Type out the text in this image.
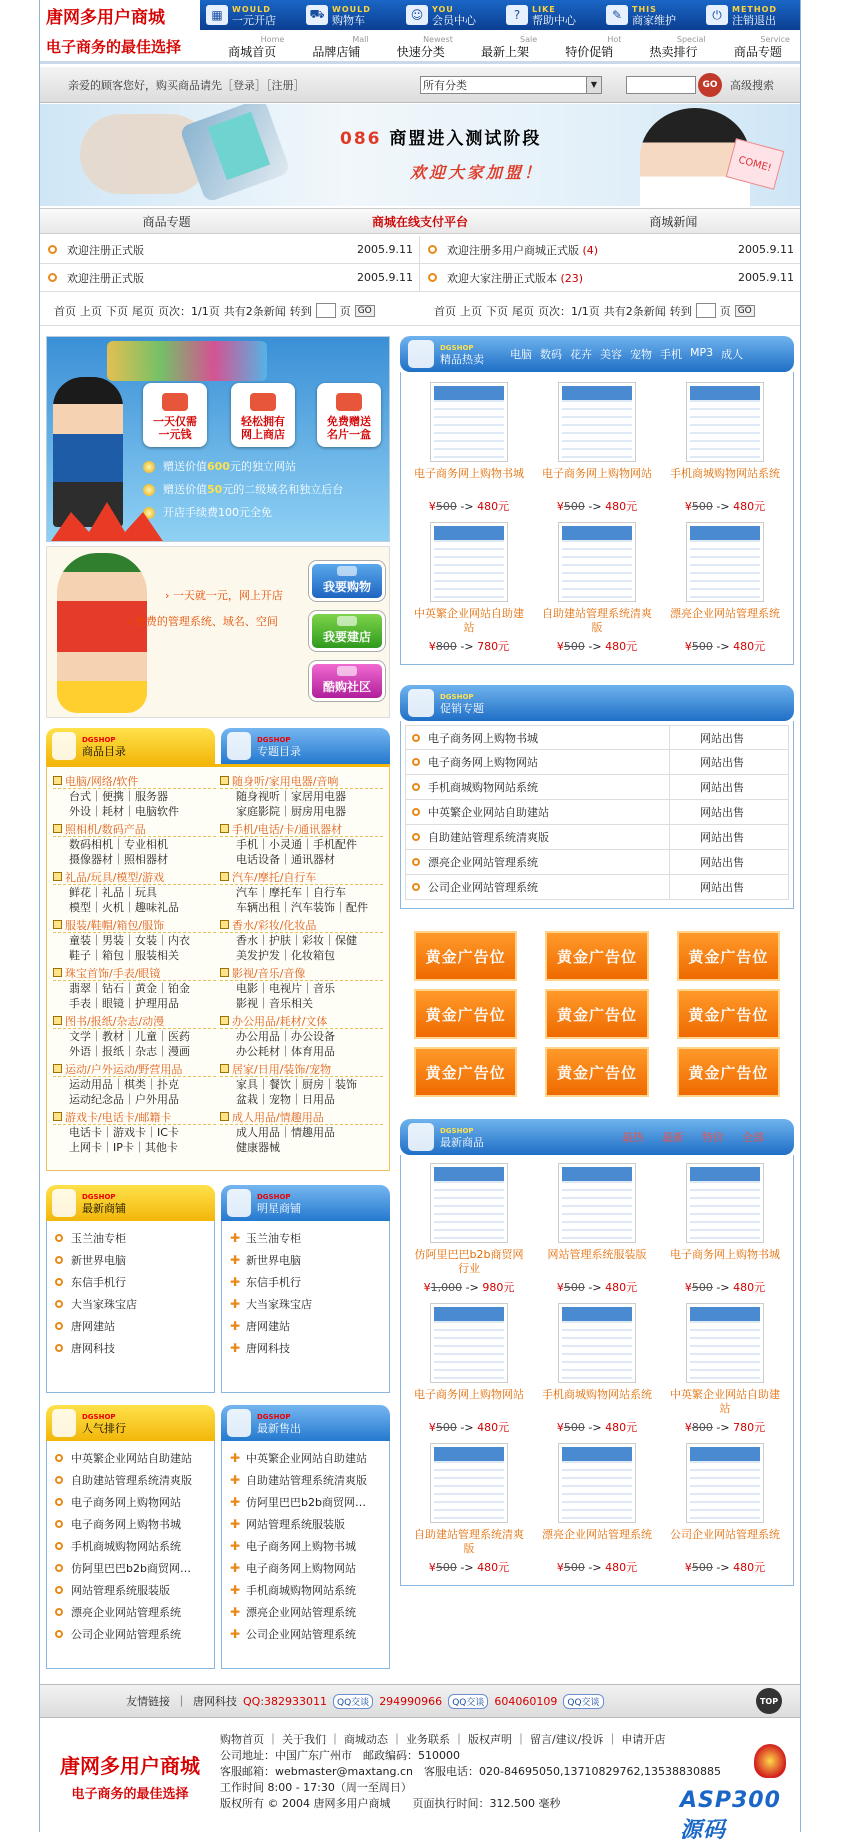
唐网多用户商城	▦	WOULD
一元开店	⛟ WOULD
购物车	☺	YOU
会员中心	?	LIKE
帮助中心	✎	THIS
商家维护	⏻	METHOD
注销退出
电子商务的最佳选择	Home
商城首页
Mall
品牌店铺
Newest
快速分类
Sale
最新上架
Hot
特价促销
Special
热卖排行
Service
商品专题
亲爱的顾客您好，购买商品请先［登录］［注册］	所有分类	▼	GO	高级搜索
086 商盟进入测试阶段
欢迎大家加盟！	COME!
商品专题	商城在线支付平台	商城新闻
欢迎注册正式版	2005.9.11	欢迎注册多用户商城正式版 (4)	2005.9.11
欢迎注册正式版	2005.9.11	欢迎大家注册正式版本 (23)	2005.9.11
首页 上页 下页 尾页 页次：1/1页 共有2条新闻 转到	页 GO	首页 上页 下页 尾页 页次：1/1页 共有2条新闻 转到	页 GO
一天仅需
一元钱
轻松拥有
网上商店
免费赠送
名片一盒
赠送价值600元的独立网站
赠送价值50元的二级域名和独立后台
开店手续费100元全免
› 一天就一元，网上开店
› 免费的管理系统、域名、空间
我要购物
我要建店
酷购社区
DGSHOP
商品目录
DGSHOP
专题目录
电脑/网络/软件
台式｜便携｜服务器
外设｜耗材｜电脑软件
照相机/数码产品
数码相机｜专业相机
摄像器材｜照相器材
礼品/玩具/模型/游戏
鲜花｜礼品｜玩具
模型｜火机｜趣味礼品
服装/鞋帽/箱包/服饰
童装｜男装｜女装｜内衣
鞋子｜箱包｜服装相关
珠宝首饰/手表/眼镜
翡翠｜钻石｜黄金｜铂金
手表｜眼镜｜护理用品
图书/报纸/杂志/动漫
文学｜教材｜儿童｜医药
外语｜报纸｜杂志｜漫画
运动/户外运动/野营用品
运动用品｜棋类｜扑克
运动纪念品｜户外用品
游戏卡/电话卡/邮籍卡
电话卡｜游戏卡｜IC卡
上网卡｜IP卡｜其他卡
随身听/家用电器/音响
随身视听｜家居用电器
家庭影院｜厨房用电器
手机/电话/卡/通讯器材
手机｜小灵通｜手机配件
电话设备｜通讯器材
汽车/摩托/自行车
汽车｜摩托车｜自行车
车辆出租｜汽车装饰｜配件
香水/彩妆/化妆品
香水｜护肤｜彩妆｜保健
美发护发｜化妆箱包
影视/音乐/音像
电影｜电视片｜音乐
影视｜音乐相关
办公用品/耗材/文体
办公用品｜办公设备
办公耗材｜体育用品
居家/日用/装饰/宠物
家具｜餐饮｜厨房｜装饰
盆栽｜宠物｜日用品
成人用品/情趣用品
成人用品｜情趣用品
健康器械
DGSHOP
最新商铺
玉兰油专柜
新世界电脑
东信手机行
大当家珠宝店
唐网建站
唐网科技
DGSHOP
明星商铺
✚ 玉兰油专柜
✚ 新世界电脑
✚ 东信手机行
✚ 大当家珠宝店
✚ 唐网建站
✚ 唐网科技
DGSHOP
人气排行
中英繁企业网站自助建站
自助建站管理系统清爽版
电子商务网上购物网站
电子商务网上购物书城
手机商城购物网站系统
仿阿里巴巴b2b商贸网…
网站管理系统服装版
漂亮企业网站管理系统
公司企业网站管理系统
DGSHOP
最新售出
✚ 中英繁企业网站自助建站
✚ 自助建站管理系统清爽版
✚ 仿阿里巴巴b2b商贸网…
✚ 网站管理系统服装版
✚ 电子商务网上购物书城
✚ 电子商务网上购物网站
✚ 手机商城购物网站系统
✚ 漂亮企业网站管理系统
✚ 公司企业网站管理系统
DGSHOP
精品热卖 电脑 数码 花卉 美容 宠物 手机 MP3 成人
电子商务网上购物书城
¥500 -> 480元
电子商务网上购物网站
¥500 -> 480元
手机商城购物网站系统
¥500 -> 480元
中英繁企业网站自助建站
¥800 -> 780元
自助建站管理系统清爽版
¥500 -> 480元
漂亮企业网站管理系统
¥500 -> 480元
DGSHOP
促销专题
电子商务网上购物书城	网站出售
电子商务网上购物网站	网站出售
手机商城购物网站系统	网站出售
中英繁企业网站自助建站	网站出售
自助建站管理系统清爽版	网站出售
漂亮企业网站管理系统	网站出售
公司企业网站管理系统	网站出售
黄金广告位	黄金广告位	黄金广告位
黄金广告位	黄金广告位	黄金广告位
黄金广告位	黄金广告位	黄金广告位
DGSHOP
最新商品	最热 最新 特价 全部
仿阿里巴巴b2b商贸网行业
¥1,000 -> 980元
网站管理系统服装版
¥500 -> 480元
电子商务网上购物书城
¥500 -> 480元
电子商务网上购物网站
¥500 -> 480元
手机商城购物网站系统
¥500 -> 480元
中英繁企业网站自助建站
¥800 -> 780元
自助建站管理系统清爽版
¥500 -> 480元
漂亮企业网站管理系统
¥500 -> 480元
公司企业网站管理系统
¥500 -> 480元
友情链接 ｜ 唐网科技 QQ:382933011	QQ交谈 294990966	QQ交谈 604060109	QQ交谈	TOP
唐网多用户商城
电子商务的最佳选择
购物首页 ｜ 关于我们 ｜ 商城动态 ｜ 业务联系 ｜ 版权声明 ｜ 留言/建议/投诉 ｜ 申请开店
公司地址：中国广东广州市　邮政编码：510000
客服邮箱：webmaster@maxtang.cn　客服电话：020-84695050,13710829762,13538830885
工作时间 8:00 - 17:30（周一至周日）
版权所有 © 2004 唐网多用户商城　　页面执行时间：312.500 毫秒	ASP300源码
